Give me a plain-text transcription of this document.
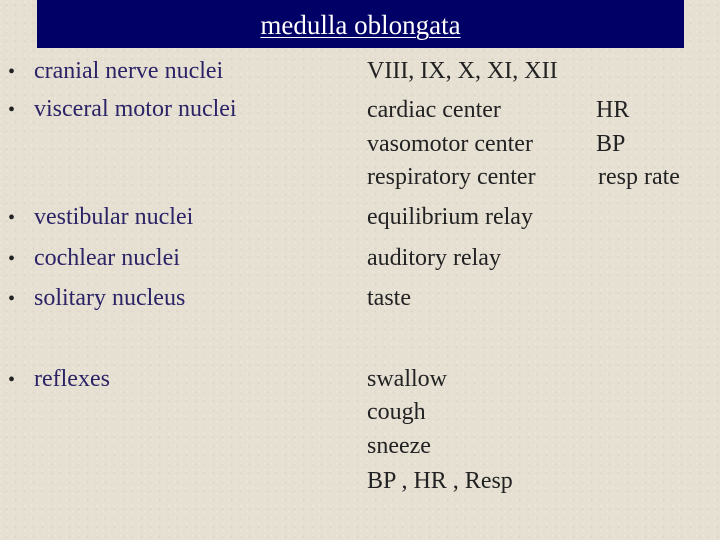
medulla oblongata
• cranial nerve nuclei
• visceral motor nuclei
• vestibular nuclei
• cochlear nuclei
• solitary nucleus
• reflexes
VIII, IX, X, XI, XII
cardiac center
vasomotor center
respiratory center
equilibrium relay
auditory relay
taste
swallow
cough
sneeze
BP , HR , Resp
HR
BP
resp rate
